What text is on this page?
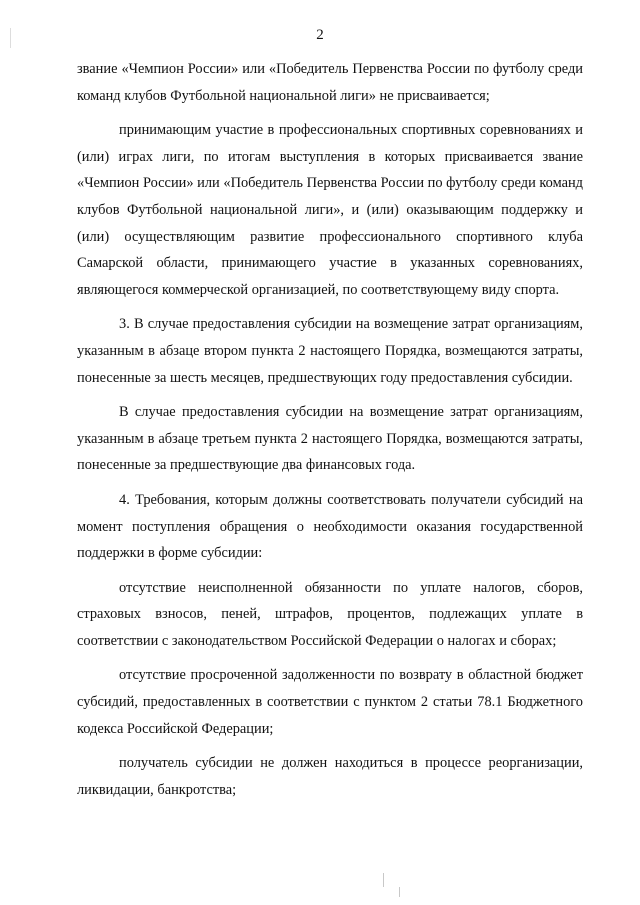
2

звание «Чемпион России» или «Победитель Первенства России по футболу среди команд клубов Футбольной национальной лиги» не присваивается;

принимающим участие в профессиональных спортивных соревнованиях и (или) играх лиги, по итогам выступления в которых присваивается звание «Чемпион России» или «Победитель Первенства России по футболу среди команд клубов Футбольной национальной лиги», и (или) оказывающим поддержку и (или) осуществляющим развитие профессионального спортивного клуба Самарской области, принимающего участие в указанных соревнованиях, являющегося коммерческой организацией, по соответствующему виду спорта.

3. В случае предоставления субсидии на возмещение затрат организациям, указанным в абзаце втором пункта 2 настоящего Порядка, возмещаются затраты, понесенные за шесть месяцев, предшествующих году предоставления субсидии.

В случае предоставления субсидии на возмещение затрат организациям, указанным в абзаце третьем пункта 2 настоящего Порядка, возмещаются затраты, понесенные за предшествующие два финансовых года.

4. Требования, которым должны соответствовать получатели субсидий на момент поступления обращения о необходимости оказания государственной поддержки в форме субсидии:

отсутствие неисполненной обязанности по уплате налогов, сборов, страховых взносов, пеней, штрафов, процентов, подлежащих уплате в соответствии с законодательством Российской Федерации о налогах и сборах;

отсутствие просроченной задолженности по возврату в областной бюджет субсидий, предоставленных в соответствии с пунктом 2 статьи 78.1 Бюджетного кодекса Российской Федерации;

получатель субсидии не должен находиться в процессе реорганизации, ликвидации, банкротства;
